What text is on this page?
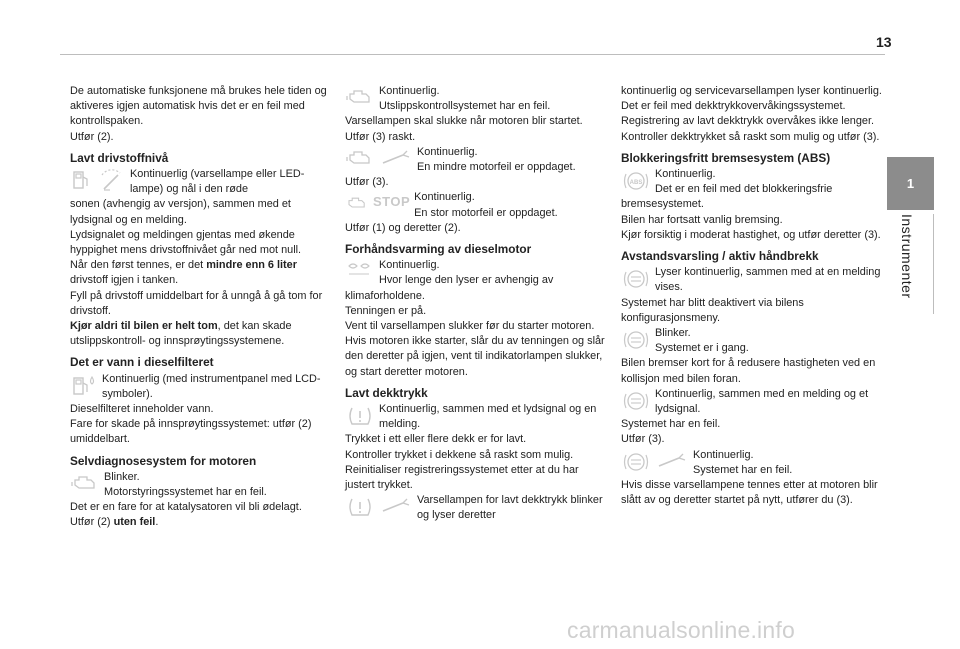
13
1
Instrumenter

De automatiske funksjonene må brukes hele tiden og aktiveres igjen automatisk hvis det er en feil med kontrollspaken.

Utfør (2).

Lavt drivstoffnivå

Kontinuerlig (varsellampe eller LED-lampe) og nål i den røde

sonen (avhengig av versjon), sammen med et lydsignal og en melding.

Lydsignalet og meldingen gjentas med økende hyppighet mens drivstoffnivået går ned mot null.

Når den først tennes, er det mindre enn 6 liter drivstoff igjen i tanken.

Fyll på drivstoff umiddelbart for å unngå å gå tom for drivstoff.

Kjør aldri til bilen er helt tom, det kan skade utslippskontroll- og innsprøytingssystemene.

Det er vann i dieselfilteret

Kontinuerlig (med instrumentpanel med LCD-symboler).

Dieselfilteret inneholder vann.

Fare for skade på innsprøytingssystemet: utfør (2) umiddelbart.

Selvdiagnosesystem for motoren

Blinker.
Motorstyringssystemet har en feil.

Det er en fare for at katalysatoren vil bli ødelagt.

Utfør (2) uten feil.

Kontinuerlig.
Utslippskontrollsystemet har en feil.

Varsellampen skal slukke når motoren blir startet.

Utfør (3) raskt.

Kontinuerlig.
En mindre motorfeil er oppdaget.

Utfør (3).

STOP Kontinuerlig.
En stor motorfeil er oppdaget.

Utfør (1) og deretter (2).

Forhåndsvarming av dieselmotor

Kontinuerlig.
Hvor lenge den lyser er avhengig av

klimaforholdene.

Tenningen er på.

Vent til varsellampen slukker før du starter motoren.

Hvis motoren ikke starter, slår du av tenningen og slår den deretter på igjen, vent til indikatorlampen slukker, og start deretter motoren.

Lavt dekktrykk

Kontinuerlig, sammen med et lydsignal og en melding.

Trykket i ett eller flere dekk er for lavt.

Kontroller trykket i dekkene så raskt som mulig.

Reinitialiser registreringssystemet etter at du har justert trykket.

Varsellampen for lavt dekktrykk blinker og lyser deretter

kontinuerlig og servicevarsellampen lyser kontinuerlig.

Det er feil med dekktrykkovervåkingssystemet. Registrering av lavt dekktrykk overvåkes ikke lenger.

Kontroller dekktrykket så raskt som mulig og utfør (3).

Blokkeringsfritt bremsesystem (ABS)

ABS
Kontinuerlig.
Det er en feil med det blokkeringsfrie

bremsesystemet.

Bilen har fortsatt vanlig bremsing.

Kjør forsiktig i moderat hastighet, og utfør deretter (3).

Avstandsvarsling / aktiv håndbrekk

Lyser kontinuerlig, sammen med at en melding vises.

Systemet har blitt deaktivert via bilens konfigurasjonsmeny.

Blinker.
Systemet er i gang.

Bilen bremser kort for å redusere hastigheten ved en kollisjon med bilen foran.

Kontinuerlig, sammen med en melding og et lydsignal.

Systemet har en feil.

Utfør (3).

Kontinuerlig.
Systemet har en feil.

Hvis disse varsellampene tennes etter at motoren blir slått av og deretter startet på nytt, utfører du (3).

carmanualsonline.info
